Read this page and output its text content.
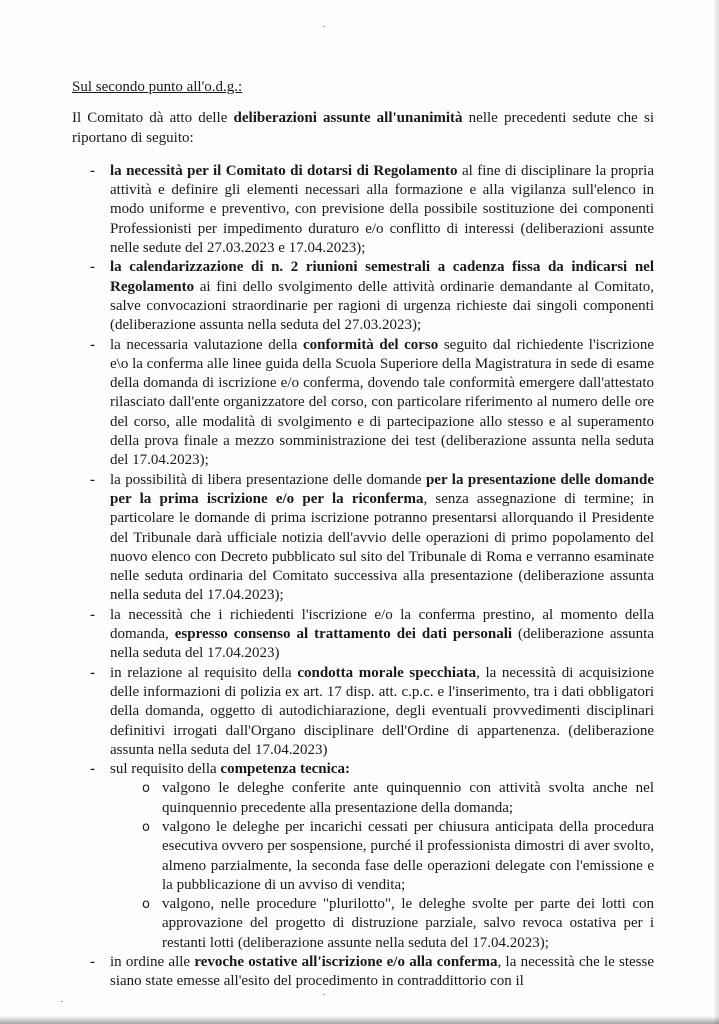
·
·
·

Sul secondo punto all'o.d.g.:

Il Comitato dà atto delle deliberazioni assunte all'unanimità nelle precedenti sedute che si riportano di seguito:

- la necessità per il Comitato di dotarsi di Regolamento al fine di disciplinare la propria attività e definire gli elementi necessari alla formazione e alla vigilanza sull'elenco in modo uniforme e preventivo, con previsione della possibile sostituzione dei componenti Professionisti per impedimento duraturo e/o conflitto di interessi (deliberazioni assunte nelle sedute del 27.03.2023 e 17.04.2023);
- la calendarizzazione di n. 2 riunioni semestrali a cadenza fissa da indicarsi nel Regolamento ai fini dello svolgimento delle attività ordinarie demandante al Comitato, salve convocazioni straordinarie per ragioni di urgenza richieste dai singoli componenti (deliberazione assunta nella seduta del 27.03.2023);
- la necessaria valutazione della conformità del corso seguito dal richiedente l'iscrizione e\o la conferma alle linee guida della Scuola Superiore della Magistratura in sede di esame della domanda di iscrizione e/o conferma, dovendo tale conformità emergere dall'attestato rilasciato dall'ente organizzatore del corso, con particolare riferimento al numero delle ore del corso, alle modalità di svolgimento e di partecipazione allo stesso e al superamento della prova finale a mezzo somministrazione dei test (deliberazione assunta nella seduta del 17.04.2023);
- la possibilità di libera presentazione delle domande per la presentazione delle domande per la prima iscrizione e/o per la riconferma, senza assegnazione di termine; in particolare le domande di prima iscrizione potranno presentarsi allorquando il Presidente del Tribunale darà ufficiale notizia dell'avvio delle operazioni di primo popolamento del nuovo elenco con Decreto pubblicato sul sito del Tribunale di Roma e verranno esaminate nelle seduta ordinaria del Comitato successiva alla presentazione (deliberazione assunta nella seduta del 17.04.2023);
- la necessità che i richiedenti l'iscrizione e/o la conferma prestino, al momento della domanda, espresso consenso al trattamento dei dati personali (deliberazione assunta nella seduta del 17.04.2023)
- in relazione al requisito della condotta morale specchiata, la necessità di acquisizione delle informazioni di polizia ex art. 17 disp. att. c.p.c. e l'inserimento, tra i dati obbligatori della domanda, oggetto di autodichiarazione, degli eventuali provvedimenti disciplinari definitivi irrogati dall'Organo disciplinare dell'Ordine di appartenenza. (deliberazione assunta nella seduta del 17.04.2023)
- sul requisito della competenza tecnica:
o valgono le deleghe conferite ante quinquennio con attività svolta anche nel quinquennio precedente alla presentazione della domanda;
o valgono le deleghe per incarichi cessati per chiusura anticipata della procedura esecutiva ovvero per sospensione, purché il professionista dimostri di aver svolto, almeno parzialmente, la seconda fase delle operazioni delegate con l'emissione e la pubblicazione di un avviso di vendita;
o valgono, nelle procedure "plurilotto", le deleghe svolte per parte dei lotti con approvazione del progetto di distruzione parziale, salvo revoca ostativa per i restanti lotti (deliberazione assunte nella seduta del 17.04.2023);
- in ordine alle revoche ostative all'iscrizione e/o alla conferma, la necessità che le stesse siano state emesse all'esito del procedimento in contraddittorio con il
